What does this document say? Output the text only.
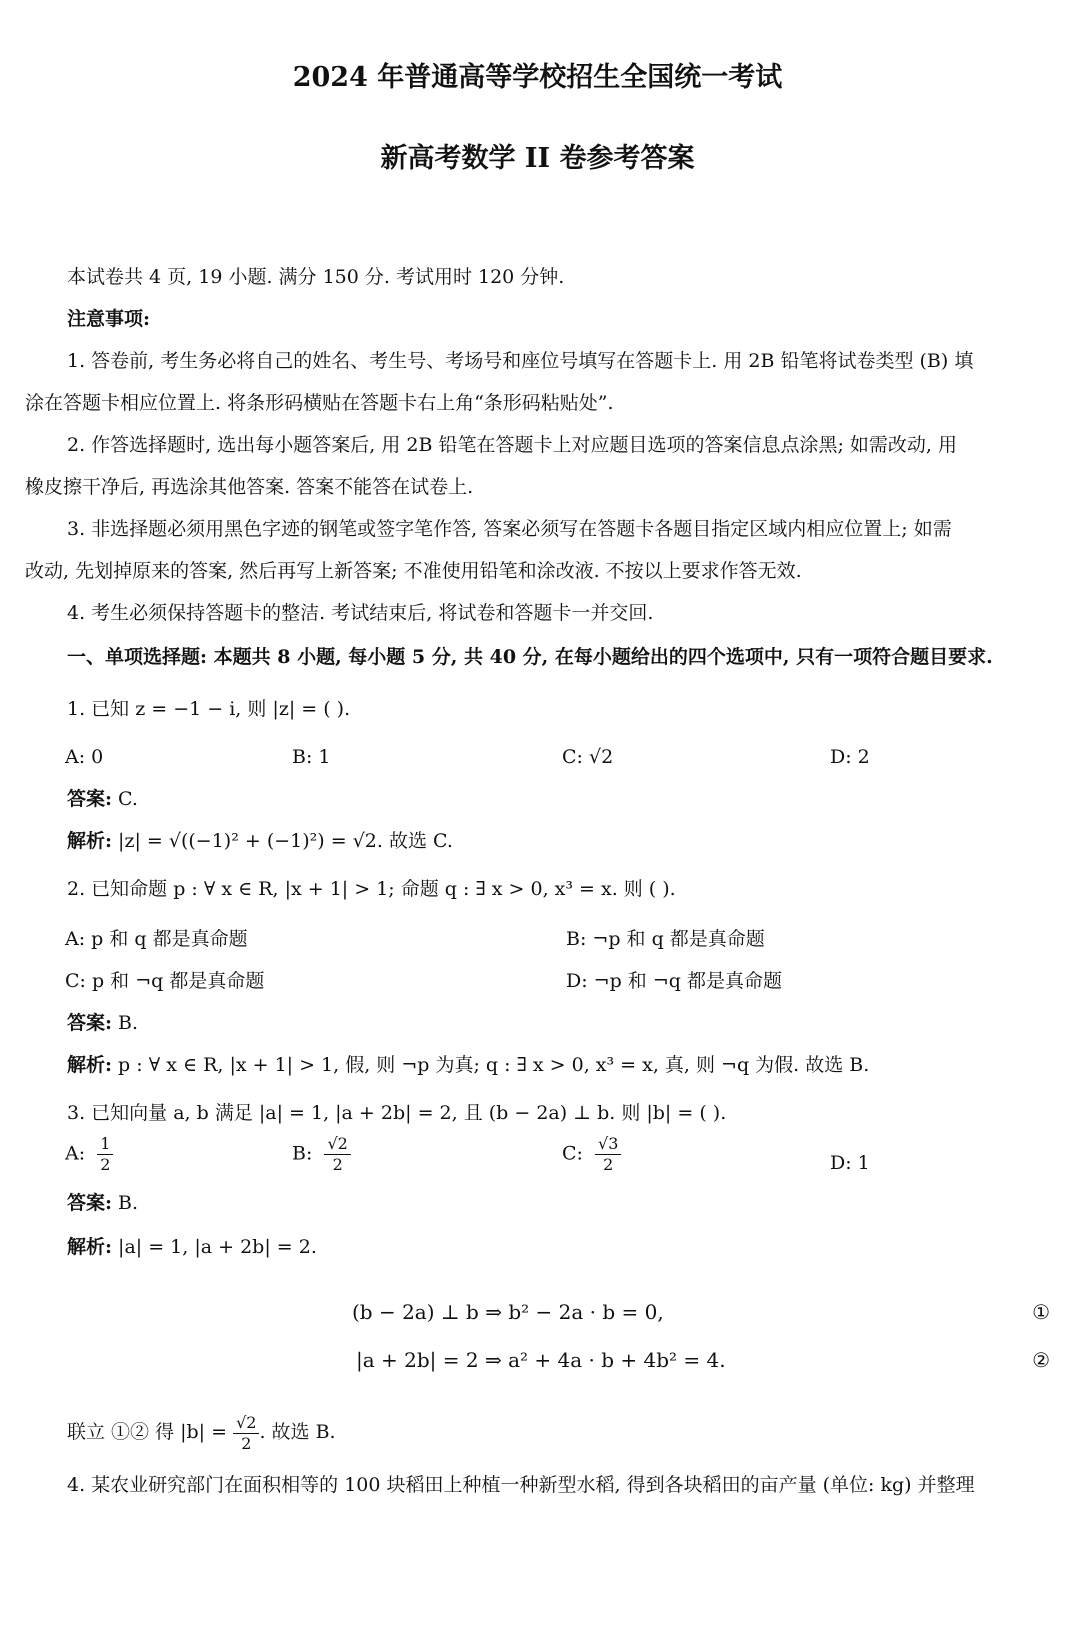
2024 年普通高等学校招生全国统一考试
新高考数学 II 卷参考答案
本试卷共 4 页, 19 小题. 满分 150 分. 考试用时 120 分钟.
注意事项:
1. 答卷前, 考生务必将自己的姓名、考生号、考场号和座位号填写在答题卡上. 用 2B 铅笔将试卷类型 (B) 填
涂在答题卡相应位置上. 将条形码横贴在答题卡右上角“条形码粘贴处”.
2. 作答选择题时, 选出每小题答案后, 用 2B 铅笔在答题卡上对应题目选项的答案信息点涂黑; 如需改动, 用
橡皮擦干净后, 再选涂其他答案. 答案不能答在试卷上.
3. 非选择题必须用黑色字迹的钢笔或签字笔作答, 答案必须写在答题卡各题目指定区域内相应位置上; 如需
改动, 先划掉原来的答案, 然后再写上新答案; 不准使用铅笔和涂改液. 不按以上要求作答无效.
4. 考生必须保持答题卡的整洁. 考试结束后, 将试卷和答题卡一并交回.
一、单项选择题: 本题共 8 小题, 每小题 5 分, 共 40 分, 在每小题给出的四个选项中, 只有一项符合题目要求.
1. 已知 z = −1 − i, 则 |z| = ( ).
A: 0	B: 1	C: √2	D: 2
答案: C.
解析: |z| = √((−1)² + (−1)²) = √2. 故选 C.
2. 已知命题 p : ∀ x ∈ R, |x + 1| > 1; 命题 q : ∃ x > 0, x³ = x. 则 ( ).
A: p 和 q 都是真命题	B: ¬p 和 q 都是真命题
C: p 和 ¬q 都是真命题	D: ¬p 和 ¬q 都是真命题
答案: B.
解析: p : ∀ x ∈ R, |x + 1| > 1, 假, 则 ¬p 为真; q : ∃ x > 0, x³ = x, 真, 则 ¬q 为假. 故选 B.
3. 已知向量 a, b 满足 |a| = 1, |a + 2b| = 2, 且 (b − 2a) ⊥ b. 则 |b| = ( ).
A: $\frac{1}{2}$	B: $\frac{√2}{2}$	C: $\frac{√3}{2}$	D: 1
答案: B.
解析: |a| = 1, |a + 2b| = 2.
(b − 2a) ⊥ b ⇒ b² − 2a · b = 0,	①
|a + 2b| = 2 ⇒ a² + 4a · b + 4b² = 4.	②
联立 ①② 得 $|b| = \frac{√2}{2}$ . 故选 B.
4. 某农业研究部门在面积相等的 100 块稻田上种植一种新型水稻, 得到各块稻田的亩产量 (单位: kg) 并整理
